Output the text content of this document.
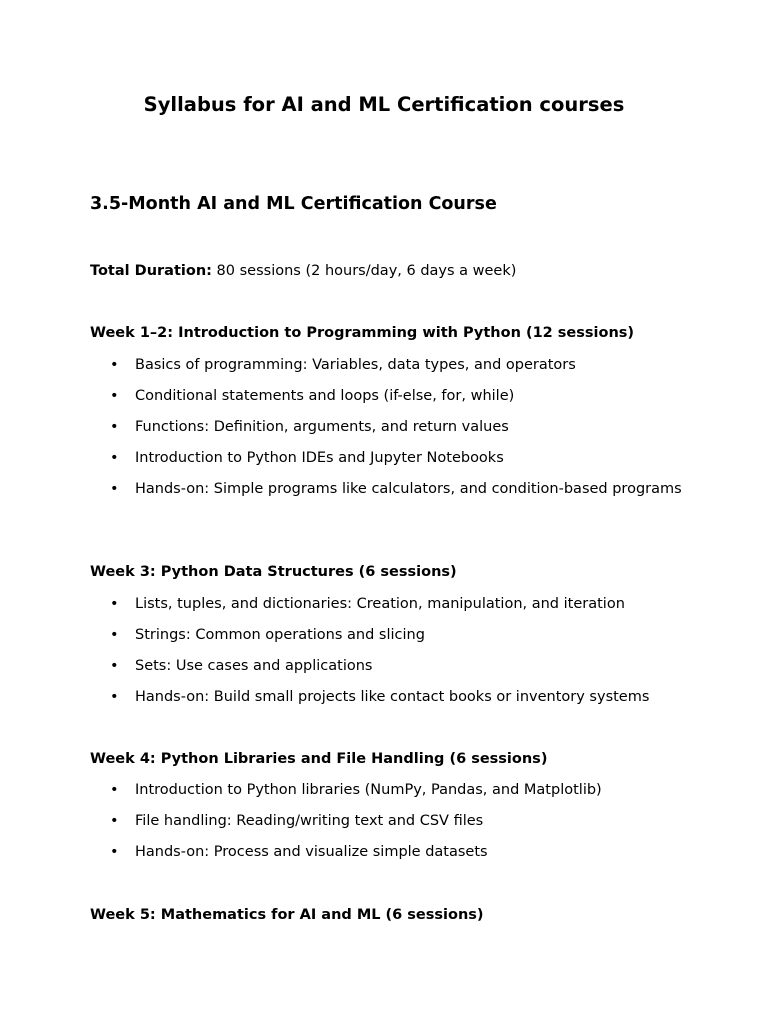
Syllabus for AI and ML Certification courses
3.5-Month AI and ML Certification Course

Total Duration: 80 sessions (2 hours/day, 6 days a week)

Week 1–2: Introduction to Programming with Python (12 sessions)
• Basics of programming: Variables, data types, and operators
• Conditional statements and loops (if-else, for, while)
• Functions: Definition, arguments, and return values
• Introduction to Python IDEs and Jupyter Notebooks
• Hands-on: Simple programs like calculators, and condition-based programs
Week 3: Python Data Structures (6 sessions)
• Lists, tuples, and dictionaries: Creation, manipulation, and iteration
• Strings: Common operations and slicing
• Sets: Use cases and applications
• Hands-on: Build small projects like contact books or inventory systems
Week 4: Python Libraries and File Handling (6 sessions)
• Introduction to Python libraries (NumPy, Pandas, and Matplotlib)
• File handling: Reading/writing text and CSV files
• Hands-on: Process and visualize simple datasets
Week 5: Mathematics for AI and ML (6 sessions)
